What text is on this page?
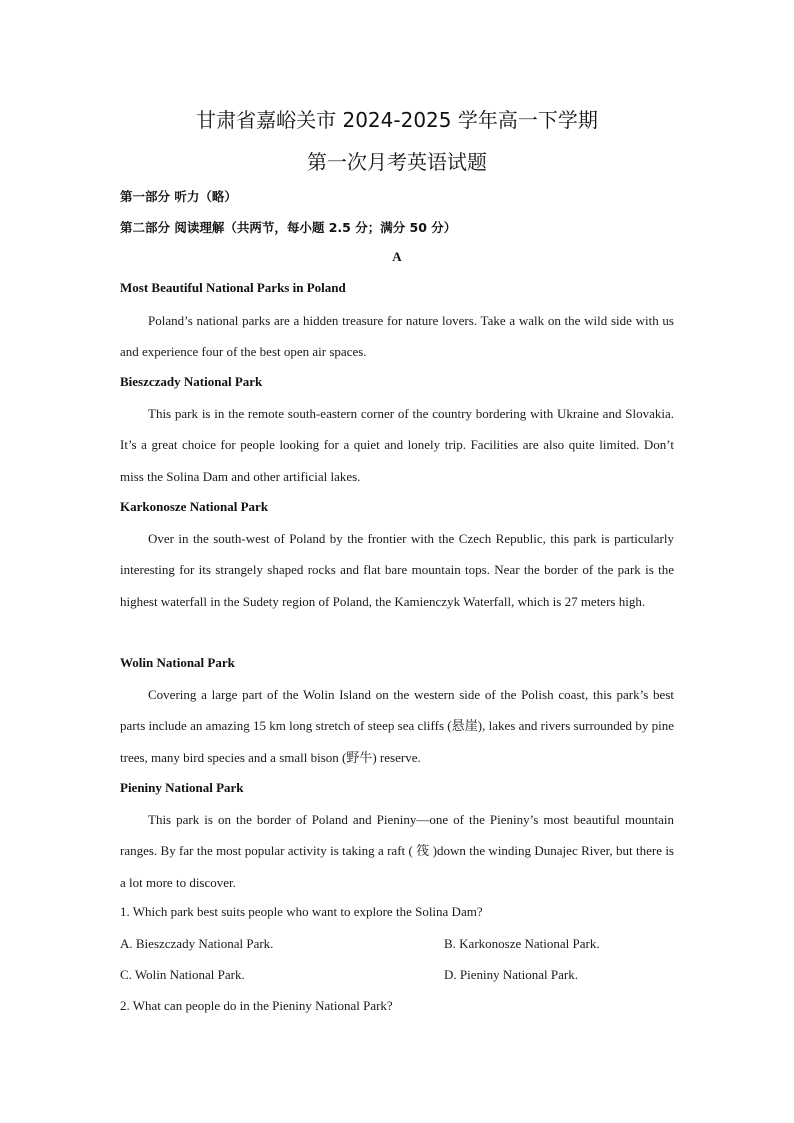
甘肃省嘉峪关市 2024-2025 学年高一下学期
第一次月考英语试题
第一部分 听力（略）
第二部分 阅读理解（共两节，每小题 2.5 分；满分 50 分）
A
Most Beautiful National Parks in Poland

Poland’s national parks are a hidden treasure for nature lovers. Take a walk on the wild side with us and experience four of the best open air spaces.

Bieszczady National Park

This park is in the remote south-eastern corner of the country bordering with Ukraine and Slovakia. It’s a great choice for people looking for a quiet and lonely trip. Facilities are also quite limited. Don’t miss the Solina Dam and other artificial lakes.

Karkonosze National Park

Over in the south-west of Poland by the frontier with the Czech Republic, this park is particularly interesting for its strangely shaped rocks and flat bare mountain tops. Near the border of the park is the highest waterfall in the Sudety region of Poland, the Kamienczyk Waterfall, which is 27 meters high.

Wolin National Park

Covering a large part of the Wolin Island on the western side of the Polish coast, this park’s best parts include an amazing 15 km long stretch of steep sea cliffs (悬崖), lakes and rivers surrounded by pine trees, many bird species and a small bison (野牛) reserve.

Pieniny National Park

This park is on the border of Poland and Pieniny—one of the Pieniny’s most beautiful mountain ranges. By far the most popular activity is taking a raft ( 筏 )down the winding Dunajec River, but there is a lot more to discover.

1. Which park best suits people who want to explore the Solina Dam?
A. Bieszczady National Park.	B. Karkonosze National Park.
C. Wolin National Park.	D. Pieniny National Park.
2. What can people do in the Pieniny National Park?
